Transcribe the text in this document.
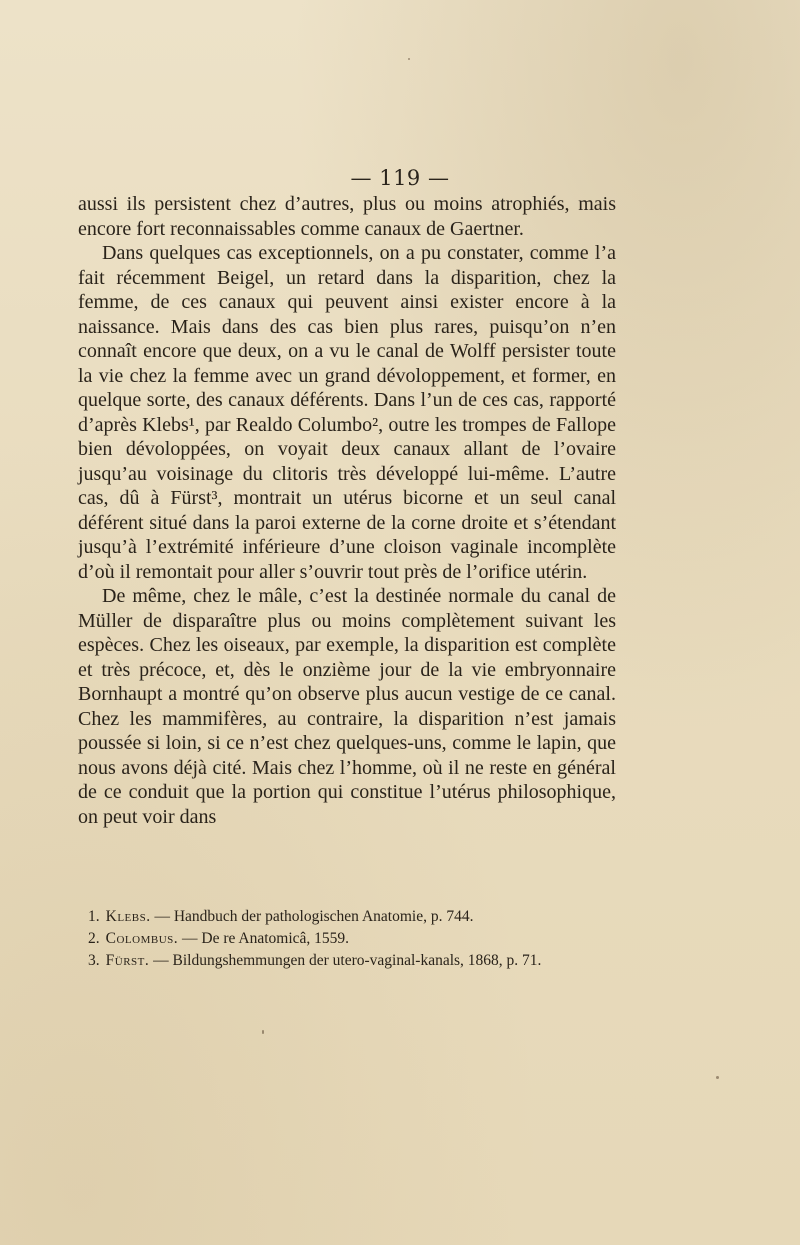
— 119 —

aussi ils persistent chez d’autres, plus ou moins atrophiés, mais encore fort reconnaissables comme canaux de Gaertner.

Dans quelques cas exceptionnels, on a pu constater, comme l’a fait récemment Beigel, un retard dans la disparition, chez la femme, de ces canaux qui peuvent ainsi exister encore à la naissance. Mais dans des cas bien plus rares, puisqu’on n’en connaît encore que deux, on a vu le canal de Wolff persister toute la vie chez la femme avec un grand dévoloppement, et former, en quelque sorte, des canaux déférents. Dans l’un de ces cas, rapporté d’après Klebs¹, par Realdo Columbo², outre les trompes de Fallope bien dévoloppées, on voyait deux canaux allant de l’ovaire jusqu’au voisinage du clitoris très développé lui-même. L’autre cas, dû à Fürst³, montrait un utérus bicorne et un seul canal déférent situé dans la paroi externe de la corne droite et s’étendant jusqu’à l’extrémité inférieure d’une cloison vaginale incomplète d’où il remontait pour aller s’ouvrir tout près de l’orifice utérin.

De même, chez le mâle, c’est la destinée normale du canal de Müller de disparaître plus ou moins complètement suivant les espèces. Chez les oiseaux, par exemple, la disparition est complète et très précoce, et, dès le onzième jour de la vie embryonnaire Bornhaupt a montré qu’on observe plus aucun vestige de ce canal. Chez les mammifères, au contraire, la disparition n’est jamais poussée si loin, si ce n’est chez quelques-uns, comme le lapin, que nous avons déjà cité. Mais chez l’homme, où il ne reste en général de ce conduit que la portion qui constitue l’utérus philosophique, on peut voir dans

1. Klebs. — Handbuch der pathologischen Anatomie, p. 744.
2. Colombus. — De re Anatomicâ, 1559.
3. Fürst. — Bildungshemmungen der utero-vaginal-kanals, 1868, p. 71.
